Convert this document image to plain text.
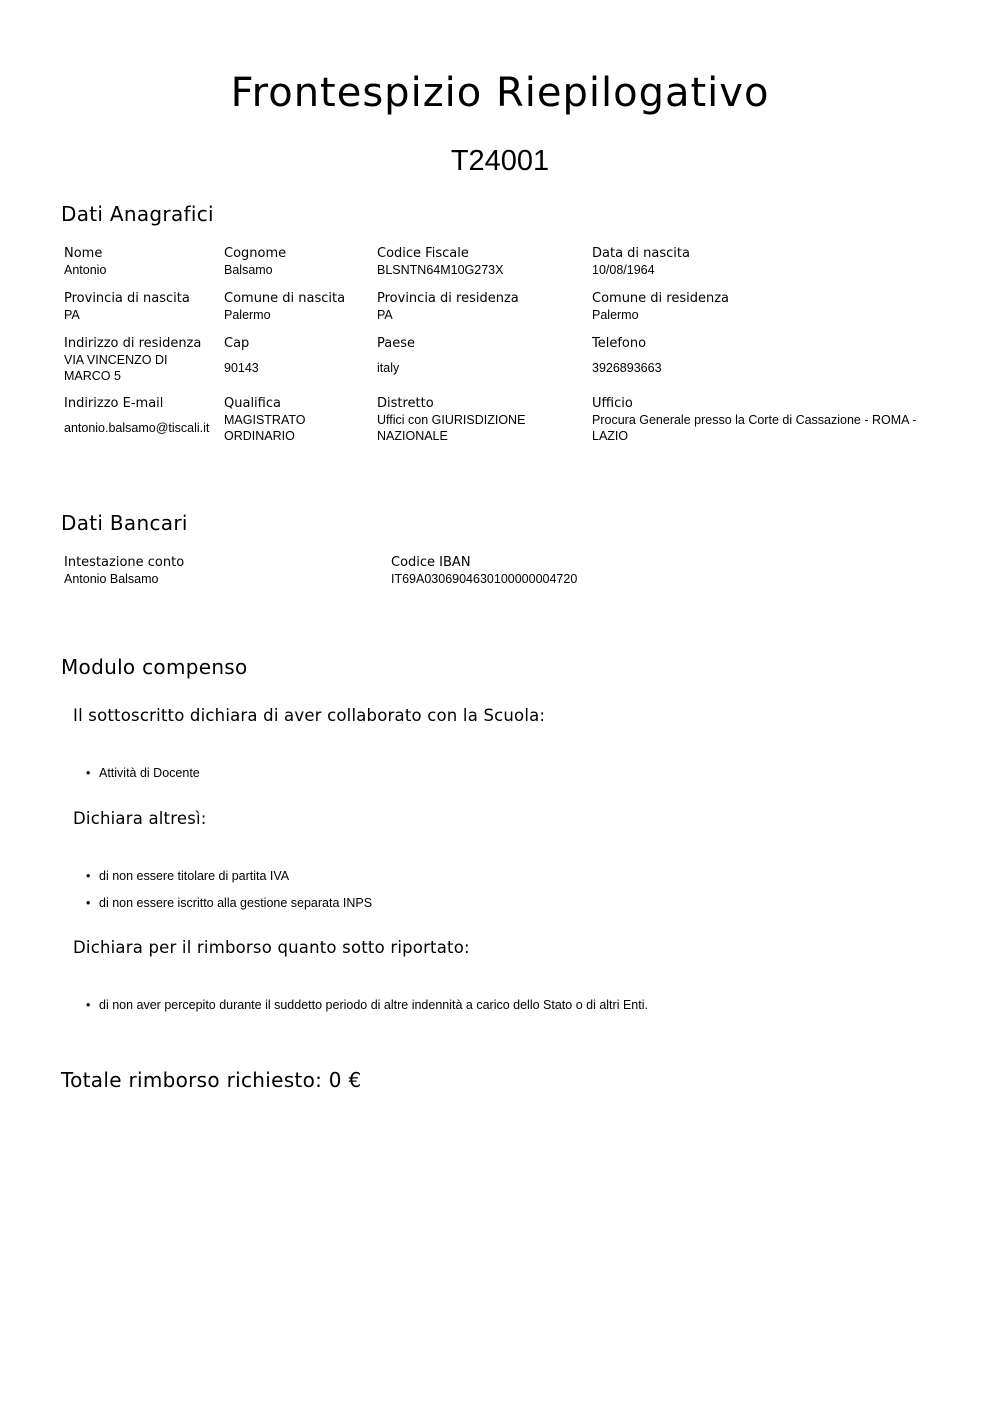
Frontespizio Riepilogativo
T24001
Dati Anagrafici
Nome
Antonio
Cognome
Balsamo
Codice Fiscale
BLSNTN64M10G273X
Data di nascita
10/08/1964
Provincia di nascita
PA
Comune di nascita
Palermo
Provincia di residenza
PA
Comune di residenza
Palermo
Indirizzo di residenza
VIA VINCENZO DI MARCO 5
Cap
90143
Paese
italy
Telefono
3926893663
Indirizzo E-mail
antonio.balsamo@tiscali.it
Qualifica
MAGISTRATO ORDINARIO
Distretto
Uffici con GIURISDIZIONE NAZIONALE
Ufficio
Procura Generale presso la Corte di Cassazione - ROMA - LAZIO
Dati Bancari
Intestazione conto
Antonio Balsamo
Codice IBAN
IT69A0306904630100000004720
Modulo compenso
Il sottoscritto dichiara di aver collaborato con la Scuola:
• Attività di Docente
Dichiara altresì:
• di non essere titolare di partita IVA
• di non essere iscritto alla gestione separata INPS
Dichiara per il rimborso quanto sotto riportato:
• di non aver percepito durante il suddetto periodo di altre indennità a carico dello Stato o di altri Enti.
Totale rimborso richiesto: 0 €
